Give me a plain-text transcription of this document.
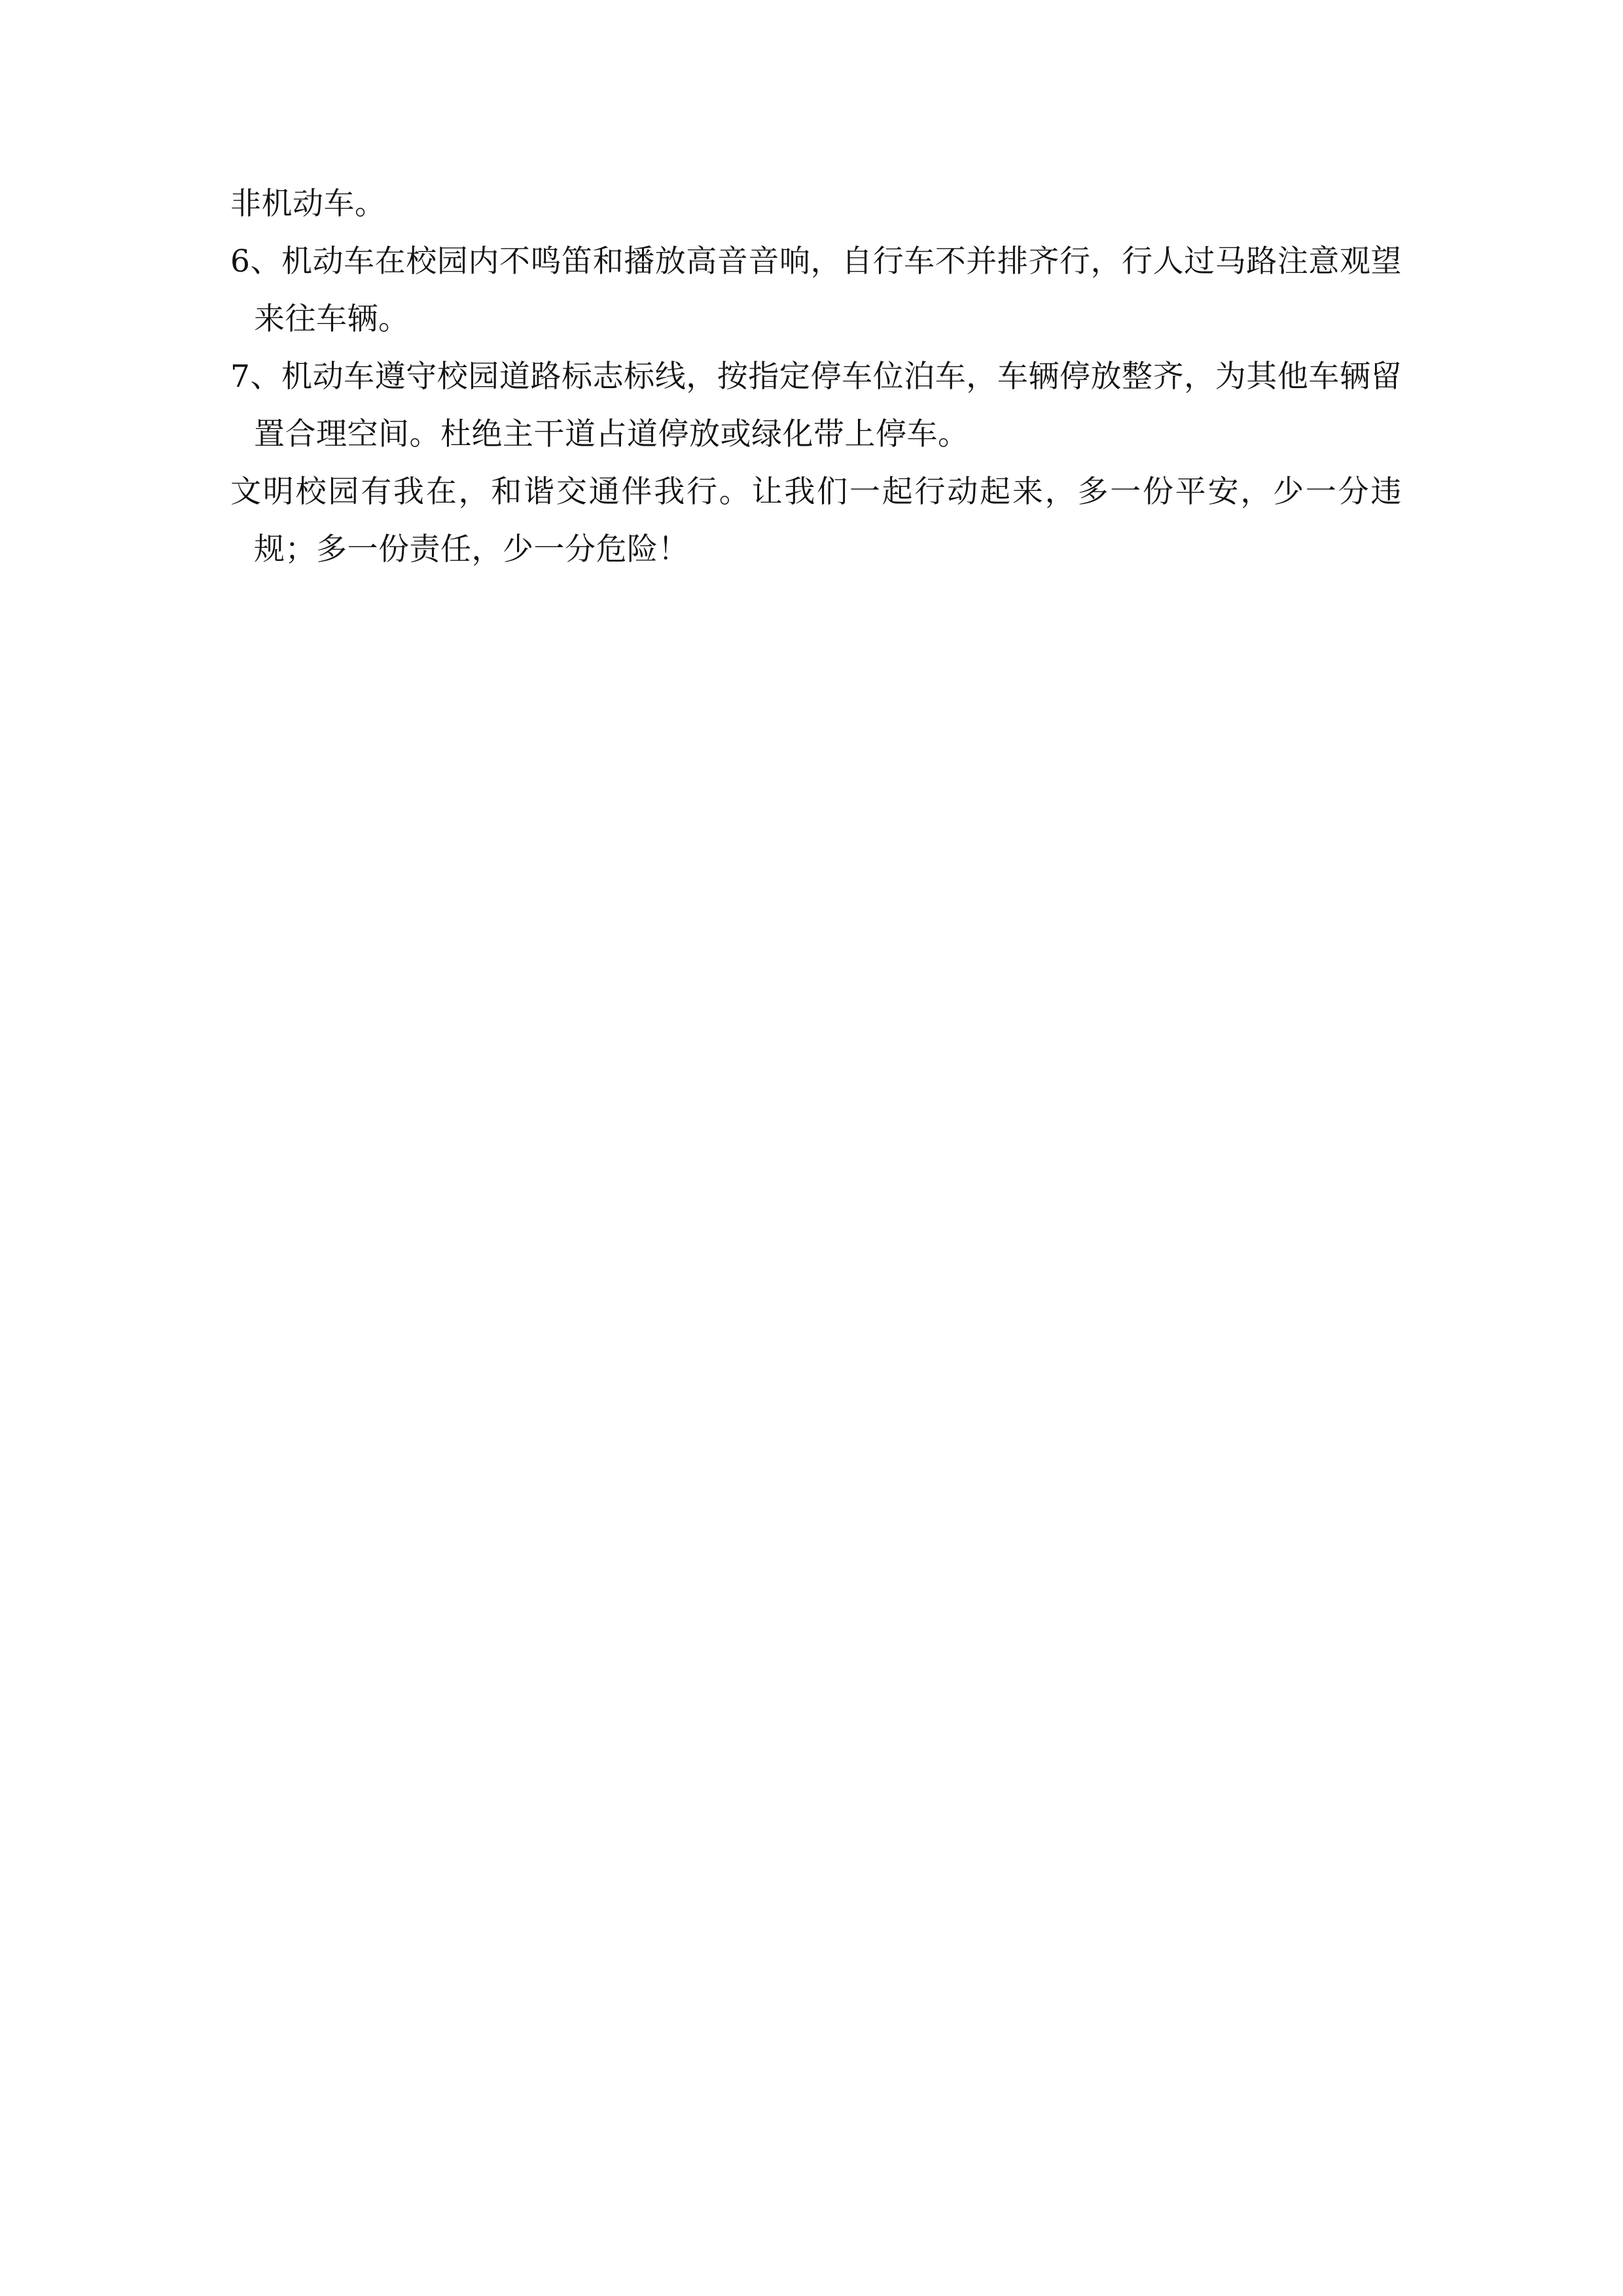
非机动车。

6、机动车在校园内不鸣笛和播放高音音响，自行车不并排齐行，行人过马路注意观望来往车辆。

7、机动车遵守校园道路标志标线，按指定停车位泊车，车辆停放整齐，为其他车辆留置合理空间。杜绝主干道占道停放或绿化带上停车。

文明校园有我在，和谐交通伴我行。让我们一起行动起来，多一份平安，少一分违规；多一份责任，少一分危险！
